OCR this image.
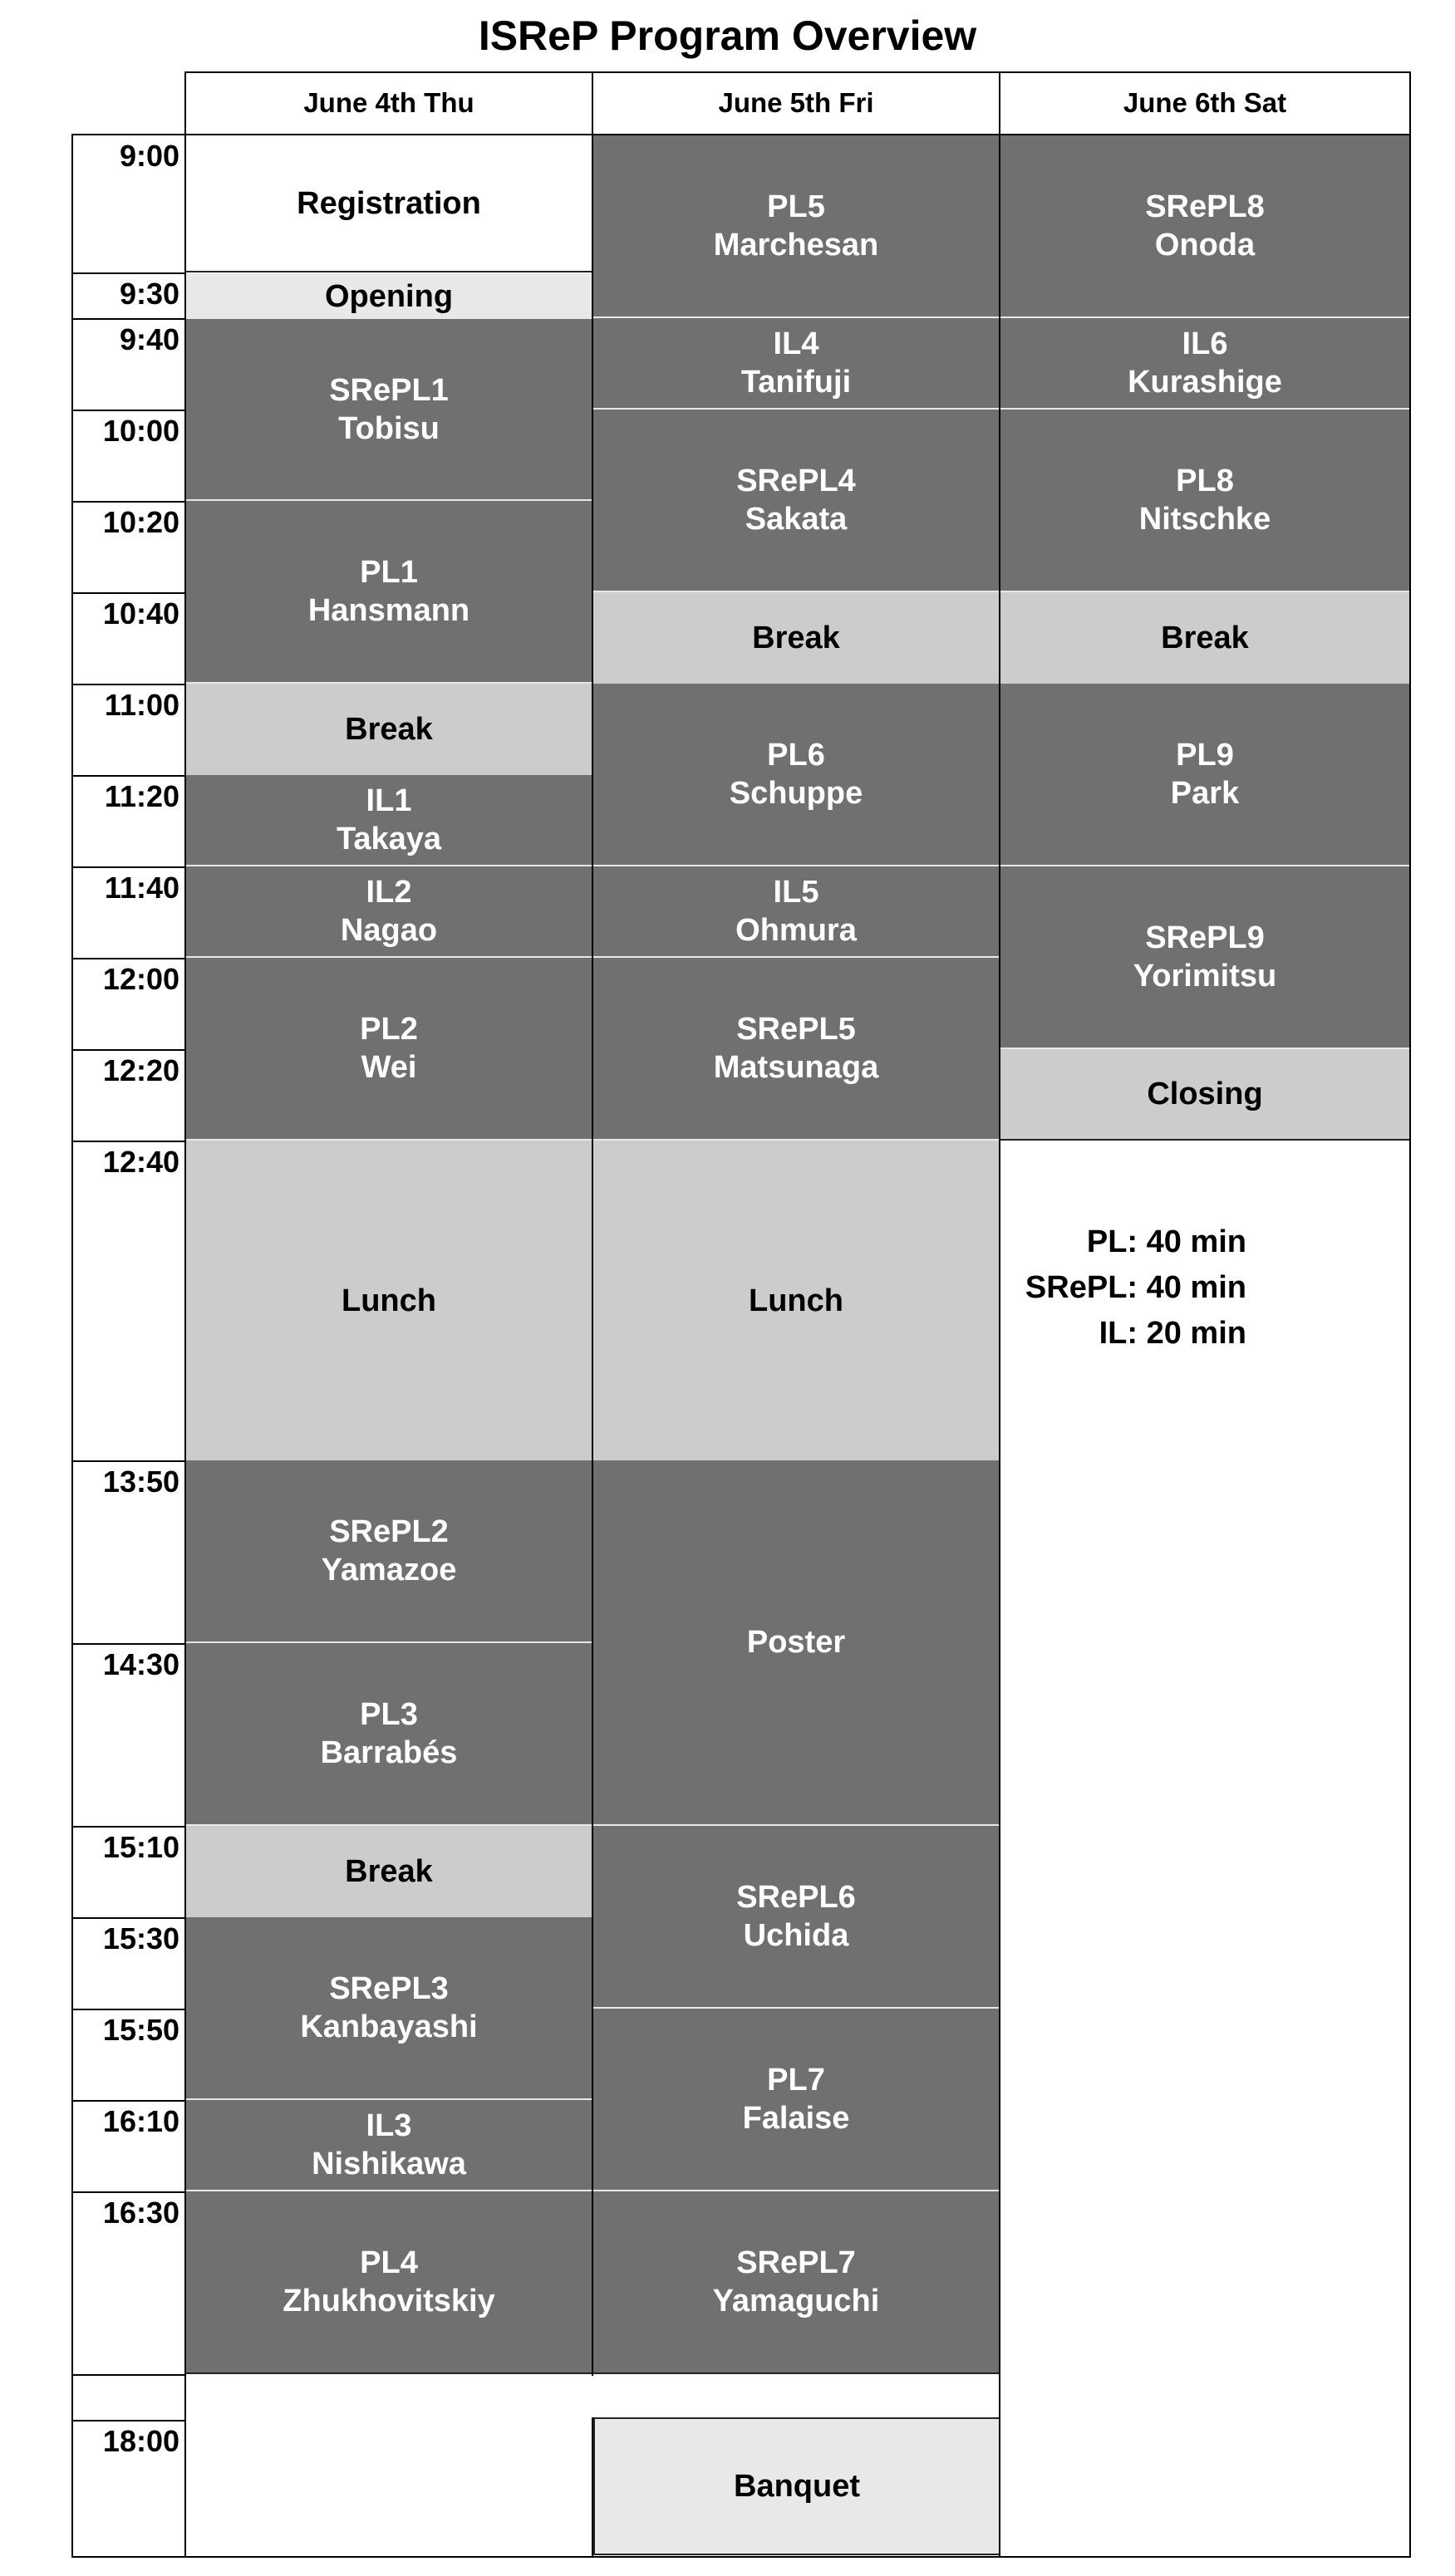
ISReP Program Overview
June 4th Thu	June 5th Fri	June 6th Sat
9:00
9:30
9:40
10:00
10:20
10:40
11:00
11:20
11:40
12:00
12:20
12:40
13:50
14:30
15:10
15:30
15:50
16:10
16:30
18:00
Registration
Opening
SRePL1
Tobisu
PL1
Hansmann
Break
IL1
Takaya
IL2
Nagao
PL2
Wei
Lunch
SRePL2
Yamazoe
PL3
Barrabés
Break
SRePL3
Kanbayashi
IL3
Nishikawa
PL4
Zhukhovitskiy
PL5
Marchesan
IL4
Tanifuji
SRePL4
Sakata
Break
PL6
Schuppe
IL5
Ohmura
SRePL5
Matsunaga
Lunch
Poster
SRePL6
Uchida
PL7
Falaise
SRePL7
Yamaguchi
Banquet
SRePL8
Onoda
IL6
Kurashige
PL8
Nitschke
Break
PL9
Park
SRePL9
Yorimitsu
Closing
PL: 40 min
SRePL: 40 min
IL: 20 min
